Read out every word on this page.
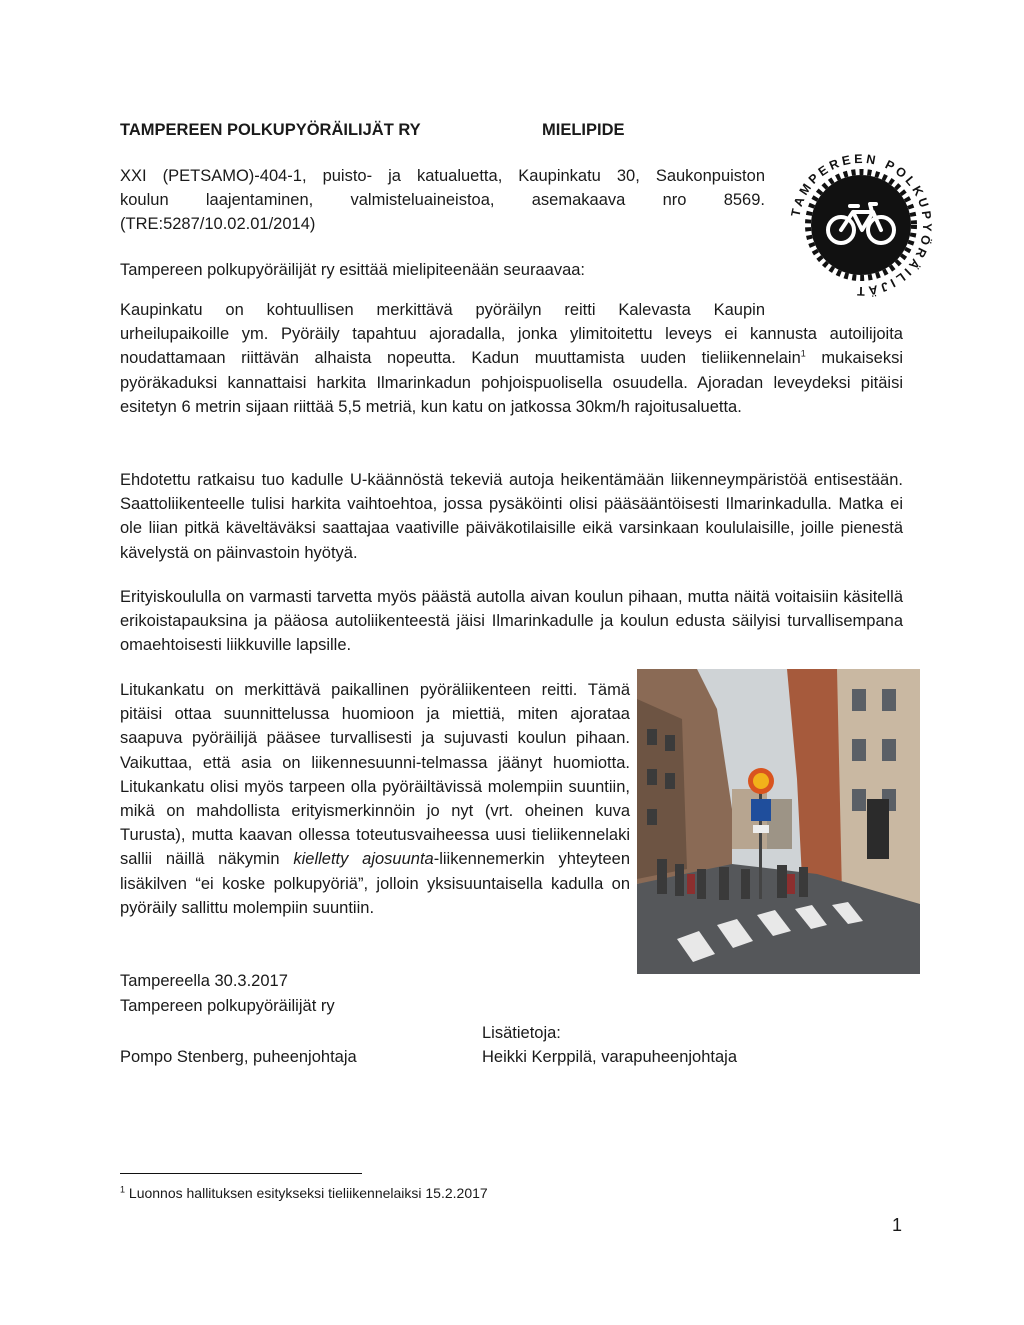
TAMPEREEN POLKUPYÖRÄILIJÄT RY	MIELIPIDE
XXI (PETSAMO)-404-1, puisto- ja katualuetta, Kaupinkatu 30, Saukonpuiston
koulun laajentaminen, valmisteluaineistoa, asemakaava nro 8569.
(TRE:5287/10.02.01/2014)
TAMPEREEN POLKUPYÖRÄILIJÄT
Tampereen polkupyöräilijät ry esittää mielipiteenään seuraavaa:
Kaupinkatu on kohtuullisen merkittävä pyöräilyn reitti Kalevasta Kaupin
urheilupaikoille ym. Pyöräily tapahtuu ajoradalla, jonka ylimitoitettu leveys ei kannusta autoilijoita noudattamaan riittävän alhaista nopeutta. Kadun muuttamista uuden tieliikennelain$^1$ mukaiseksi pyöräkaduksi kannattaisi harkita Ilmarinkadun pohjoispuolisella osuudella. Ajoradan leveydeksi pitäisi esitetyn 6 metrin sijaan riittää 5,5 metriä, kun katu on jatkossa 30km/h rajoitusaluetta.
Ehdotettu ratkaisu tuo kadulle U-käännöstä tekeviä autoja heikentämään liikenneympäristöä entisestään. Saattoliikenteelle tulisi harkita vaihtoehtoa, jossa pysäköinti olisi pääsääntöisesti Ilmarinkadulla. Matka ei ole liian pitkä käveltäväksi saattajaa vaativille päiväkotilaisille eikä varsinkaan koululaisille, joille pienestä kävelystä on päinvastoin hyötyä.
Erityiskoululla on varmasti tarvetta myös päästä autolla aivan koulun pihaan, mutta näitä voitaisiin käsitellä erikoistapauksina ja pääosa autoliikenteestä jäisi Ilmarinkadulle ja koulun edusta säilyisi turvallisempana omaehtoisesti liikkuville lapsille.
Litukankatu on merkittävä paikallinen pyöräliikenteen reitti. Tämä pitäisi ottaa suunnittelussa huomioon ja miettiä, miten ajorataa saapuva pyöräilijä pääsee turvallisesti ja sujuvasti koulun pihaan. Vaikuttaa, että asia on liikennesuunni-telmassa jäänyt huomiotta. Litukankatu olisi myös tarpeen olla pyöräiltävissä molempiin suuntiin, mikä on mahdollista erityismerkinnöin jo nyt (vrt. oheinen kuva Turusta), mutta kaavan ollessa toteutusvaiheessa uusi tieliikennelaki sallii näillä näkymin kielletty ajosuunta-liikennemerkin yhteyteen lisäkilven “ei koske polkupyöriä”, jolloin yksisuuntaisella kadulla on pyöräily sallittu molempiin suuntiin.
Tampereella 30.3.2017
Tampereen polkupyöräilijät ry
Lisätietoja:
Pompo Stenberg, puheenjohtaja	Heikki Kerppilä, varapuheenjohtaja
$^1$ Luonnos hallituksen esitykseksi tieliikennelaiksi 15.2.2017
1
